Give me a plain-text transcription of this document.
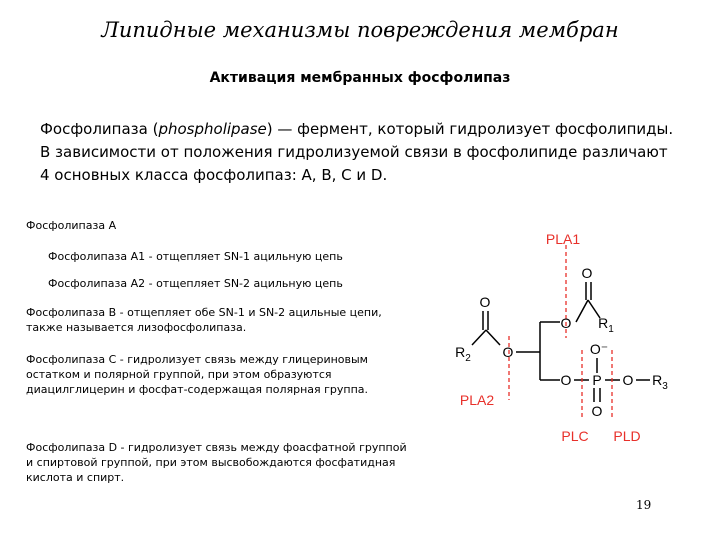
Липидные механизмы повреждения мембран
Активация мембранных фосфолипаз
Фосфолипаза (phospholipase) — фермент, который гидролизует фосфолипиды. В зависимости от положения гидролизуемой связи в фосфолипиде различают 4 основных класса фосфолипаз: A, B, C и D.
Фосфолипаза А
Фосфолипаза А1 - отщепляет SN-1 ацильную цепь
Фосфолипаза А2 - отщепляет SN-2 ацильную цепь
Фосфолипаза В - отщепляет обе SN-1 и SN-2 ацильные цепи, также называется лизофосфолипаза.
Фосфолипаза С - гидролизует связь между глицериновым остатком и полярной группой, при этом образуются диацилглицерин и фосфат-содержащая полярная группа.
Фосфолипаза D - гидролизует связь между фоасфатной группой и спиртовой группой, при этом высвобождаются фосфатидная кислота и спирт.
O
O
O
O
O P
O⁻
O
O
$R_1$
$R_2$
$R_3$
PLA1
PLA2
PLC PLD
19
